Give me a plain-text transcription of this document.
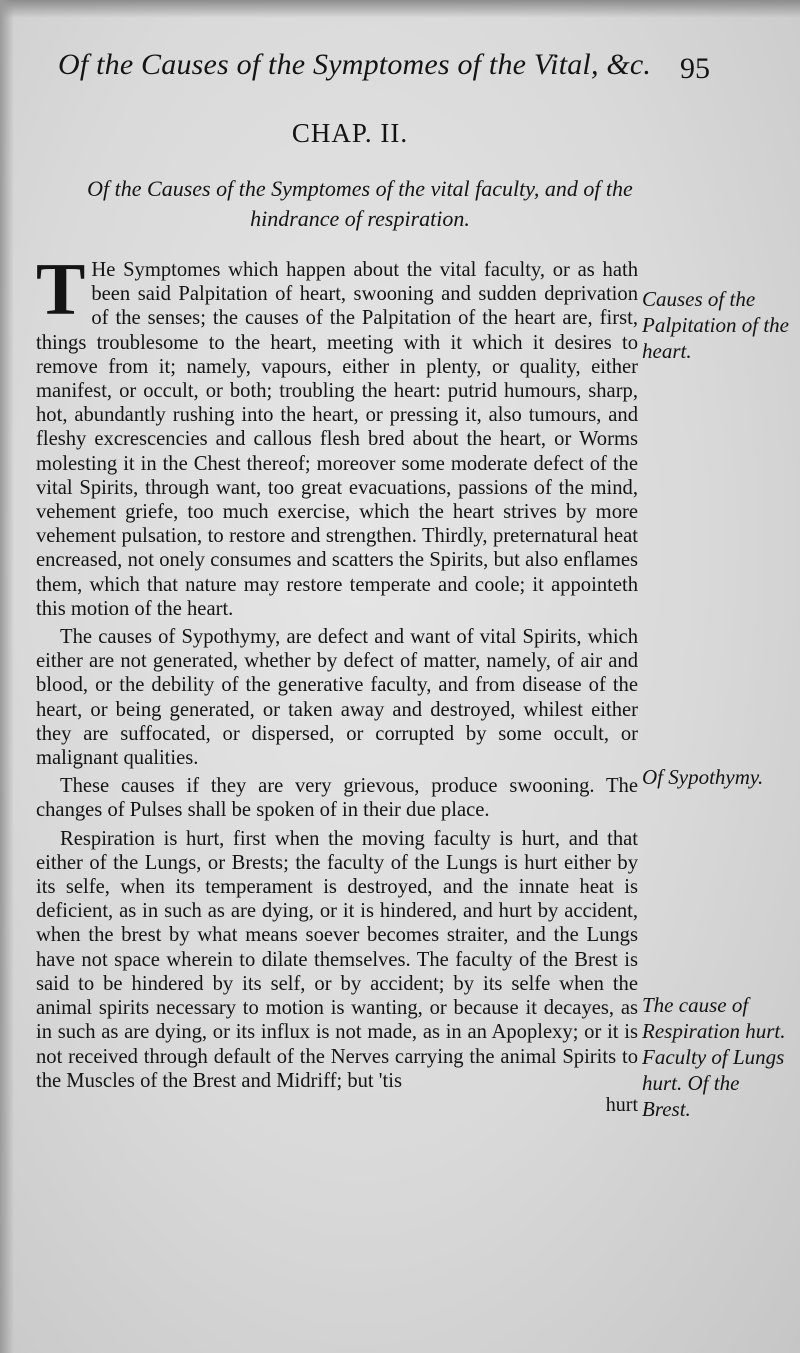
Of the Causes of the Symptomes of the Vital, &c. 95
CHAP. II.
Of the Causes of the Symptomes of the vital faculty, and of the hindrance of respiration.

T He Symptomes which happen about the vital faculty, or as hath been said Palpitation of heart, swooning and sudden deprivation of the senses; the causes of the Palpitation of the heart are, first, things troublesome to the heart, meeting with it which it desires to remove from it; namely, vapours, either in plenty, or quality, either manifest, or occult, or both; troubling the heart: putrid humours, sharp, hot, abundantly rushing into the heart, or pressing it, also tumours, and fleshy excrescencies and callous flesh bred about the heart, or Worms molesting it in the Chest thereof; moreover some moderate defect of the vital Spirits, through want, too great evacuations, passions of the mind, vehement griefe, too much exercise, which the heart strives by more vehement pulsation, to restore and strengthen. Thirdly, preternatural heat encreased, not onely consumes and scatters the Spirits, but also enflames them, which that nature may restore temperate and coole; it appointeth this motion of the heart.

The causes of Sypothymy, are defect and want of vital Spirits, which either are not generated, whether by defect of matter, namely, of air and blood, or the debility of the generative faculty, and from disease of the heart, or being generated, or taken away and destroyed, whilest either they are suffocated, or dispersed, or corrupted by some occult, or malignant qualities.

These causes if they are very grievous, produce swooning. The changes of Pulses shall be spoken of in their due place.

Respiration is hurt, first when the moving faculty is hurt, and that either of the Lungs, or Brests; the faculty of the Lungs is hurt either by its selfe, when its temperament is destroyed, and the innate heat is deficient, as in such as are dying, or it is hindered, and hurt by accident, when the brest by what means soever becomes straiter, and the Lungs have not space wherein to dilate themselves. The faculty of the Brest is said to be hindered by its self, or by accident; by its selfe when the animal spirits necessary to motion is wanting, or because it decayes, as in such as are dying, or its influx is not made, as in an Apoplexy; or it is not received through default of the Nerves carrying the animal Spirits to the Muscles of the Brest and Midriff; but 'tis

hurt
Causes of the Palpitation of the heart.
Of Sypothymy.
The cause of Respiration hurt. Faculty of Lungs hurt. Of the Brest.
